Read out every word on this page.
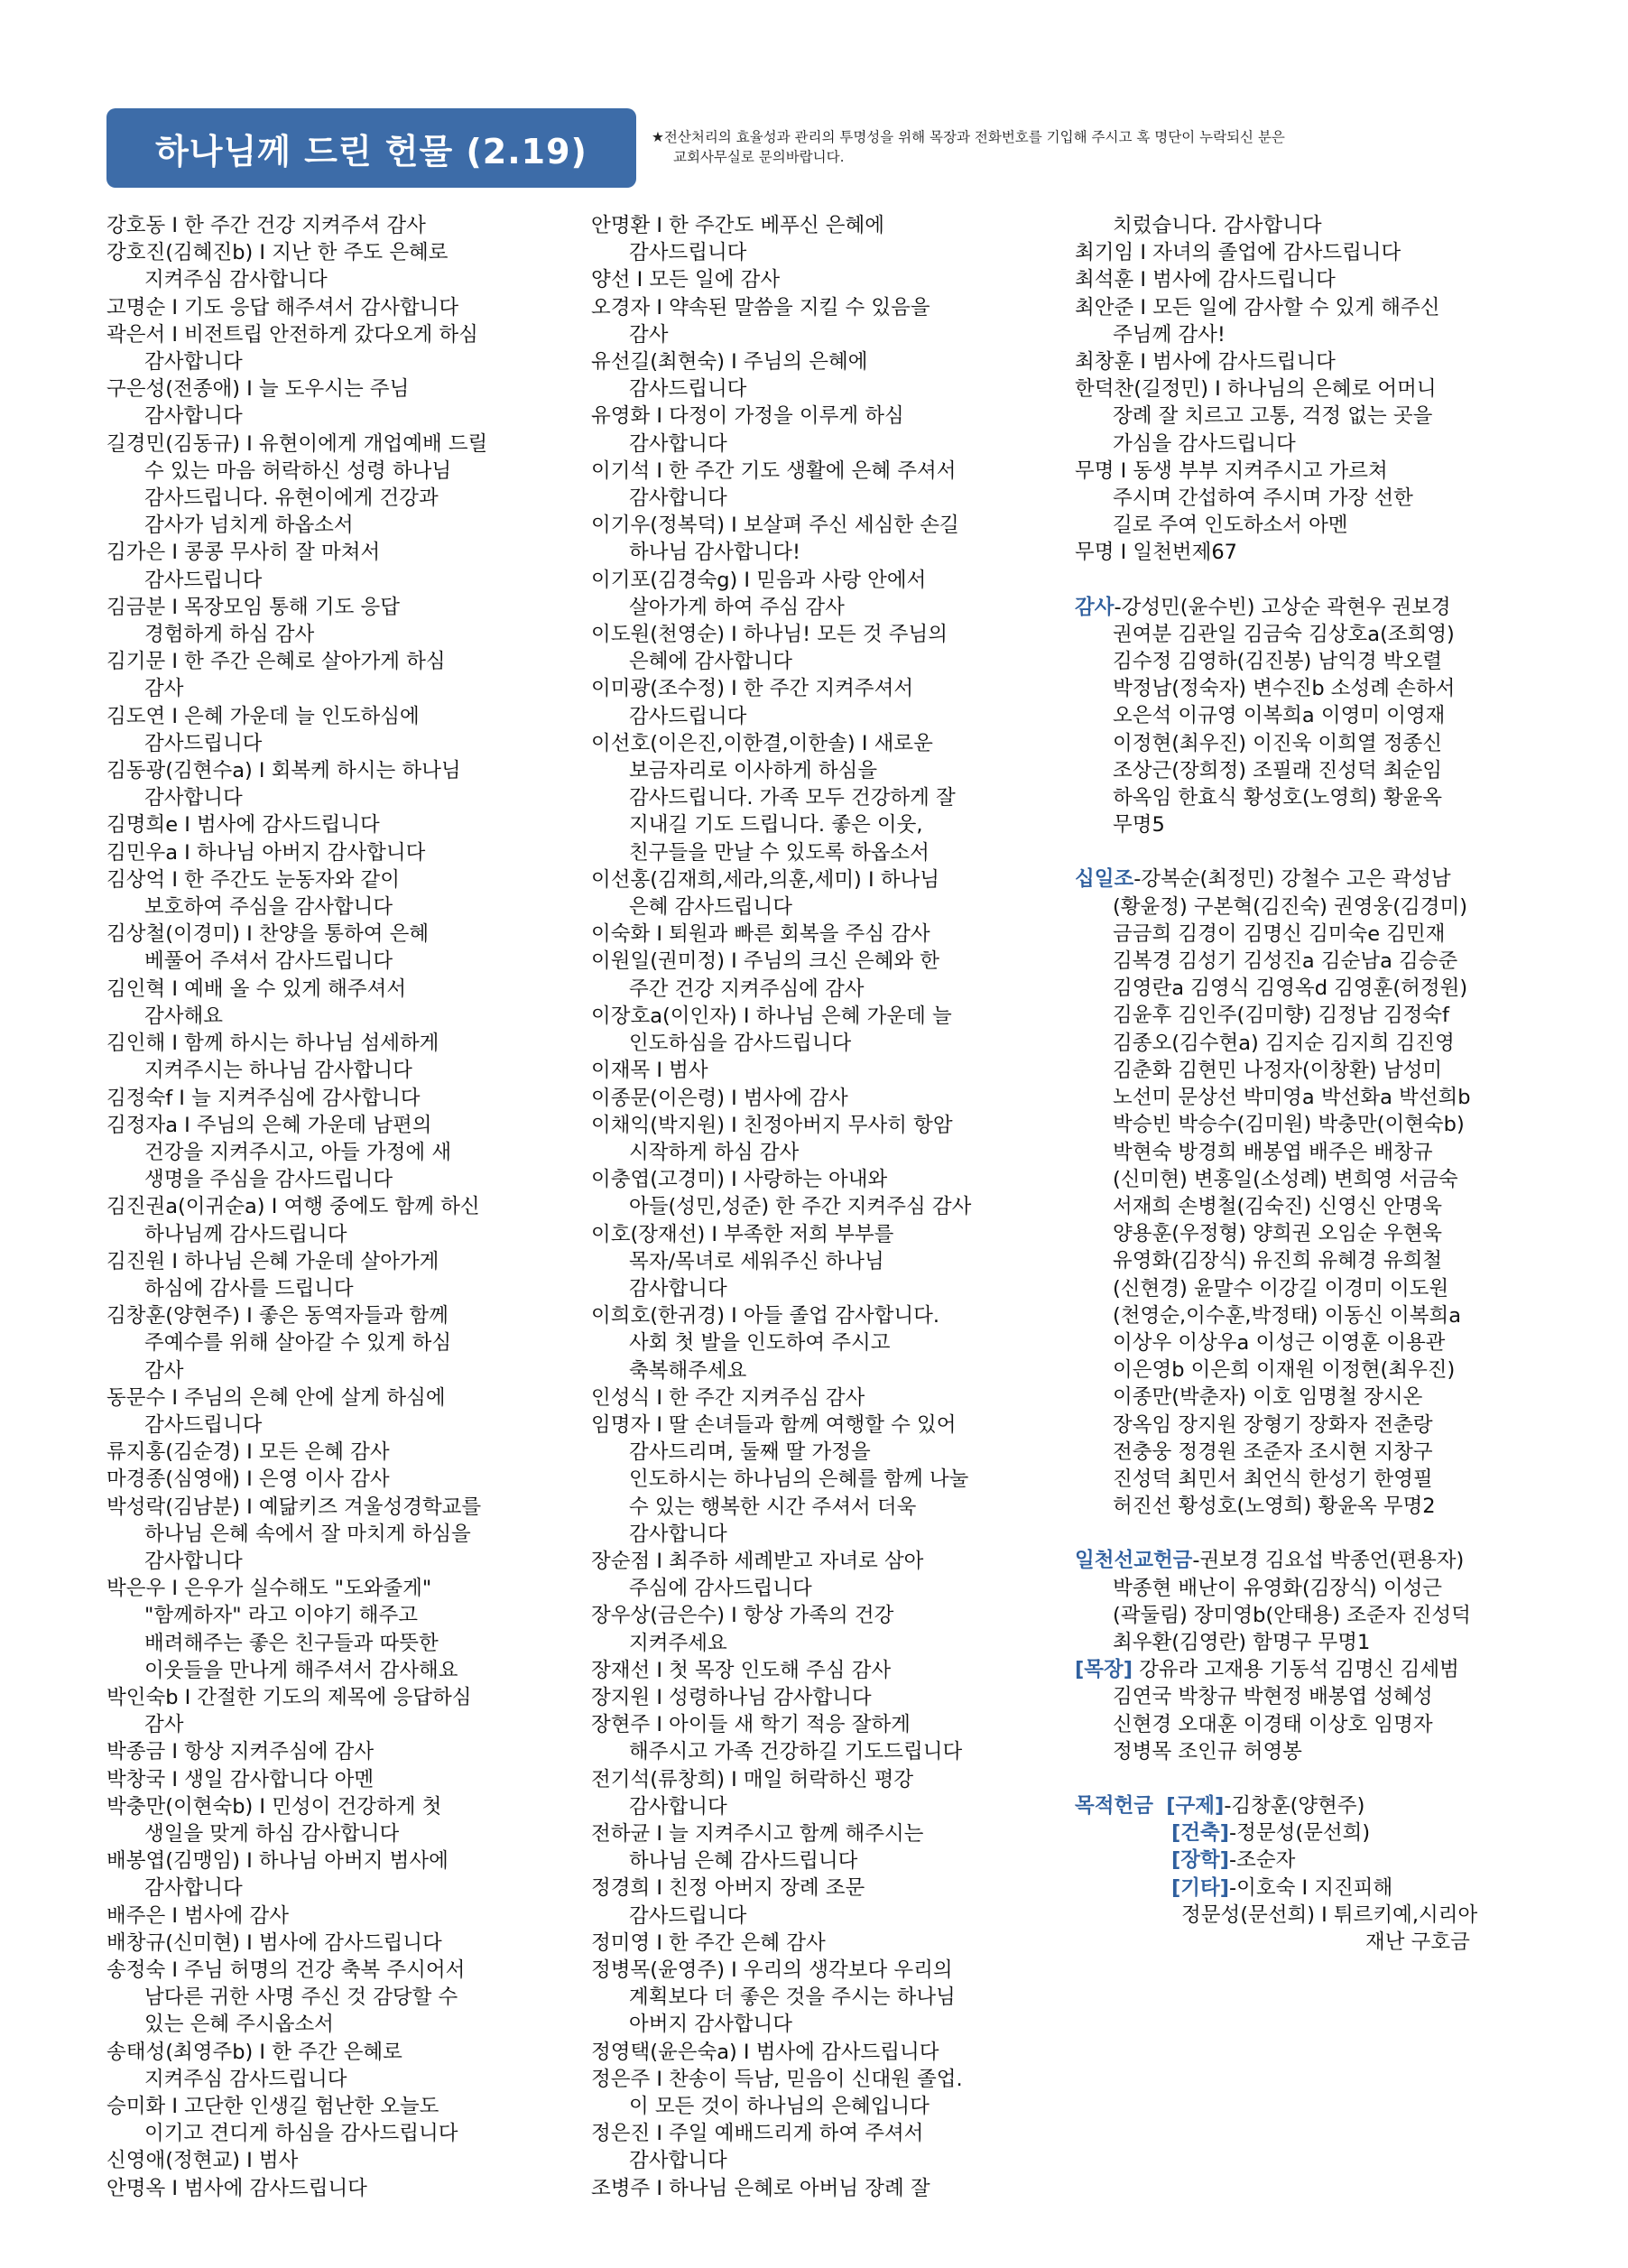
하나님께 드린 헌물 (2.19)	★전산처리의 효율성과 관리의 투명성을 위해 목장과 전화번호를 기입해 주시고 혹 명단이 누락되신 분은
교회사무실로 문의바랍니다.
강호동 I 한 주간 건강 지켜주셔 감사
강호진(김혜진b) I 지난 한 주도 은혜로
지켜주심 감사합니다
고명순 I 기도 응답 해주셔서 감사합니다
곽은서 I 비전트립 안전하게 갔다오게 하심
감사합니다
구은성(전종애) I 늘 도우시는 주님
감사합니다
길경민(김동규) I 유현이에게 개업예배 드릴
수 있는 마음 허락하신 성령 하나님
감사드립니다. 유현이에게 건강과
감사가 넘치게 하옵소서
김가은 I 콩콩 무사히 잘 마쳐서
감사드립니다
김금분 I 목장모임 통해 기도 응답
경험하게 하심 감사
김기문 I 한 주간 은혜로 살아가게 하심
감사
김도연 I 은혜 가운데 늘 인도하심에
감사드립니다
김동광(김현수a) I 회복케 하시는 하나님
감사합니다
김명희e I 범사에 감사드립니다
김민우a I 하나님 아버지 감사합니다
김상억 I 한 주간도 눈동자와 같이
보호하여 주심을 감사합니다
김상철(이경미) I 찬양을 통하여 은혜
베풀어 주셔서 감사드립니다
김인혁 I 예배 올 수 있게 해주셔서
감사해요
김인해 I 함께 하시는 하나님 섬세하게
지켜주시는 하나님 감사합니다
김정숙f I 늘 지켜주심에 감사합니다
김정자a I 주님의 은혜 가운데 남편의
건강을 지켜주시고, 아들 가정에 새
생명을 주심을 감사드립니다
김진권a(이귀순a) I 여행 중에도 함께 하신
하나님께 감사드립니다
김진원 I 하나님 은혜 가운데 살아가게
하심에 감사를 드립니다
김창훈(양현주) I 좋은 동역자들과 함께
주예수를 위해 살아갈 수 있게 하심
감사
동문수 I 주님의 은혜 안에 살게 하심에
감사드립니다
류지홍(김순경) I 모든 은혜 감사
마경종(심영애) I 은영 이사 감사
박성락(김남분) I 예닮키즈 겨울성경학교를
하나님 은혜 속에서 잘 마치게 하심을
감사합니다
박은우 I 은우가 실수해도 "도와줄게"
"함께하자" 라고 이야기 해주고
배려해주는 좋은 친구들과 따뜻한
이웃들을 만나게 해주셔서 감사해요
박인숙b I 간절한 기도의 제목에 응답하심
감사
박종금 I 항상 지켜주심에 감사
박창국 I 생일 감사합니다 아멘
박충만(이현숙b) I 민성이 건강하게 첫
생일을 맞게 하심 감사합니다
배봉엽(김맹임) I 하나님 아버지 범사에
감사합니다
배주은 I 범사에 감사
배창규(신미현) I 범사에 감사드립니다
송정숙 I 주님 허명의 건강 축복 주시어서
남다른 귀한 사명 주신 것 감당할 수
있는 은혜 주시옵소서
송태성(최영주b) I 한 주간 은혜로
지켜주심 감사드립니다
승미화 I 고단한 인생길 험난한 오늘도
이기고 견디게 하심을 감사드립니다
신영애(정현교) I 범사
안명옥 I 범사에 감사드립니다
안명환 I 한 주간도 베푸신 은혜에
감사드립니다
양선 I 모든 일에 감사
오경자 I 약속된 말씀을 지킬 수 있음을
감사
유선길(최현숙) I 주님의 은혜에
감사드립니다
유영화 I 다정이 가정을 이루게 하심
감사합니다
이기석 I 한 주간 기도 생활에 은혜 주셔서
감사합니다
이기우(정복덕) I 보살펴 주신 세심한 손길
하나님 감사합니다!
이기포(김경숙g) I 믿음과 사랑 안에서
살아가게 하여 주심 감사
이도원(천영순) I 하나님! 모든 것 주님의
은혜에 감사합니다
이미광(조수정) I 한 주간 지켜주셔서
감사드립니다
이선호(이은진,이한결,이한솔) I 새로운
보금자리로 이사하게 하심을
감사드립니다. 가족 모두 건강하게 잘
지내길 기도 드립니다. 좋은 이웃,
친구들을 만날 수 있도록 하옵소서
이선홍(김재희,세라,의훈,세미) I 하나님
은혜 감사드립니다
이숙화 I 퇴원과 빠른 회복을 주심 감사
이원일(권미정) I 주님의 크신 은혜와 한
주간 건강 지켜주심에 감사
이장호a(이인자) I 하나님 은혜 가운데 늘
인도하심을 감사드립니다
이재목 I 범사
이종문(이은령) I 범사에 감사
이채익(박지원) I 친정아버지 무사히 항암
시작하게 하심 감사
이충엽(고경미) I 사랑하는 아내와
아들(성민,성준) 한 주간 지켜주심 감사
이호(장재선) I 부족한 저희 부부를
목자/목녀로 세워주신 하나님
감사합니다
이희호(한귀경) I 아들 졸업 감사합니다.
사회 첫 발을 인도하여 주시고
축복해주세요
인성식 I 한 주간 지켜주심 감사
임명자 I 딸 손녀들과 함께 여행할 수 있어
감사드리며, 둘째 딸 가정을
인도하시는 하나님의 은혜를 함께 나눌
수 있는 행복한 시간 주셔서 더욱
감사합니다
장순점 I 최주하 세례받고 자녀로 삼아
주심에 감사드립니다
장우상(금은수) I 항상 가족의 건강
지켜주세요
장재선 I 첫 목장 인도해 주심 감사
장지원 I 성령하나님 감사합니다
장현주 I 아이들 새 학기 적응 잘하게
해주시고 가족 건강하길 기도드립니다
전기석(류창희) I 매일 허락하신 평강
감사합니다
전하균 I 늘 지켜주시고 함께 해주시는
하나님 은혜 감사드립니다
정경희 I 친정 아버지 장례 조문
감사드립니다
정미영 I 한 주간 은혜 감사
정병목(윤영주) I 우리의 생각보다 우리의
계획보다 더 좋은 것을 주시는 하나님
아버지 감사합니다
정영택(윤은숙a) I 범사에 감사드립니다
정은주 I 찬송이 득남, 믿음이 신대원 졸업.
이 모든 것이 하나님의 은혜입니다
정은진 I 주일 예배드리게 하여 주셔서
감사합니다
조병주 I 하나님 은혜로 아버님 장례 잘
치렀습니다. 감사합니다
최기임 I 자녀의 졸업에 감사드립니다
최석훈 I 범사에 감사드립니다
최안준 I 모든 일에 감사할 수 있게 해주신
주님께 감사!
최창훈 I 범사에 감사드립니다
한덕찬(길정민) I 하나님의 은혜로 어머니
장례 잘 치르고 고통, 걱정 없는 곳을
가심을 감사드립니다
무명 I 동생 부부 지켜주시고 가르쳐
주시며 간섭하여 주시며 가장 선한
길로 주여 인도하소서 아멘
무명 I 일천번제67
감사-강성민(윤수빈) 고상순 곽현우 권보경
권여분 김관일 김금숙 김상호a(조희영)
김수정 김영하(김진봉) 남익경 박오렬
박정남(정숙자) 변수진b 소성례 손하서
오은석 이규영 이복희a 이영미 이영재
이정현(최우진) 이진욱 이희열 정종신
조상근(장희정) 조필래 진성덕 최순임
하옥임 한효식 황성호(노영희) 황윤옥
무명5
십일조-강복순(최정민) 강철수 고은 곽성남
(황윤정) 구본혁(김진숙) 권영웅(김경미)
금금희 김경이 김명신 김미숙e 김민재
김복경 김성기 김성진a 김순남a 김승준
김영란a 김영식 김영옥d 김영훈(허정원)
김윤후 김인주(김미향) 김정남 김정숙f
김종오(김수현a) 김지순 김지희 김진영
김춘화 김현민 나정자(이창환) 남성미
노선미 문상선 박미영a 박선화a 박선희b
박승빈 박승수(김미원) 박충만(이현숙b)
박현숙 방경희 배봉엽 배주은 배창규
(신미현) 변홍일(소성례) 변희영 서금숙
서재희 손병철(김숙진) 신영신 안명욱
양용훈(우정형) 양희권 오임순 우현욱
유영화(김장식) 유진희 유혜경 유희철
(신현경) 윤말수 이강길 이경미 이도원
(천영순,이수훈,박정태) 이동신 이복희a
이상우 이상우a 이성근 이영훈 이용관
이은영b 이은희 이재원 이정현(최우진)
이종만(박춘자) 이호 임명철 장시온
장옥임 장지원 장형기 장화자 전춘랑
전충웅 정경원 조준자 조시현 지창구
진성덕 최민서 최언식 한성기 한영필
허진선 황성호(노영희) 황윤옥 무명2
일천선교헌금-권보경 김요섭 박종언(편용자)
박종현 배난이 유영화(김장식) 이성근
(곽둘림) 장미영b(안태용) 조준자 진성덕
최우환(김영란) 함명구 무명1
[목장] 강유라 고재용 기동석 김명신 김세범
김연국 박창규 박현정 배봉엽 성혜성
신현경 오대훈 이경태 이상호 임명자
정병목 조인규 허영봉
목적헌금 [구제]-김창훈(양현주)
[건축]-정문성(문선희)
[장학]-조순자
[기타]-이호숙 I 지진피해
정문성(문선희) I 튀르키예,시리아
재난 구호금
